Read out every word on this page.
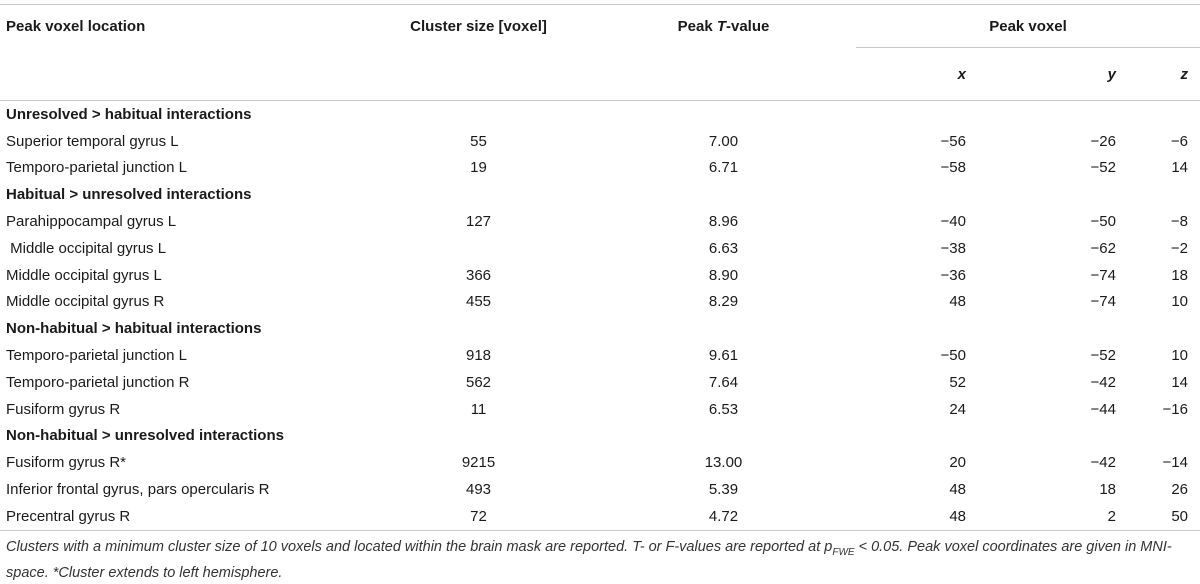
Peak voxel location	Cluster size [voxel]	Peak T-value	Peak voxel		
			x	y	z
Unresolved > habitual interactions					
Superior temporal gyrus L	55	7.00	−56	−26	−6
Temporo-parietal junction L	19	6.71	−58	−52	14
Habitual > unresolved interactions					
Parahippocampal gyrus L	127	8.96	−40	−50	−8
Middle occipital gyrus L		6.63	−38	−62	−2
Middle occipital gyrus L	366	8.90	−36	−74	18
Middle occipital gyrus R	455	8.29	48	−74	10
Non-habitual > habitual interactions					
Temporo-parietal junction L	918	9.61	−50	−52	10
Temporo-parietal junction R	562	7.64	52	−42	14
Fusiform gyrus R	11	6.53	24	−44	−16
Non-habitual > unresolved interactions					
Fusiform gyrus R*	9215	13.00	20	−42	−14
Inferior frontal gyrus, pars opercularis R	493	5.39	48	18	26
Precentral gyrus R	72	4.72	48	2	50
Clusters with a minimum cluster size of 10 voxels and located within the brain mask are reported. T- or F-values are reported at $p_{FWE} < 0.05$. Peak voxel coordinates are given in MNI-space. *Cluster extends to left hemisphere.
